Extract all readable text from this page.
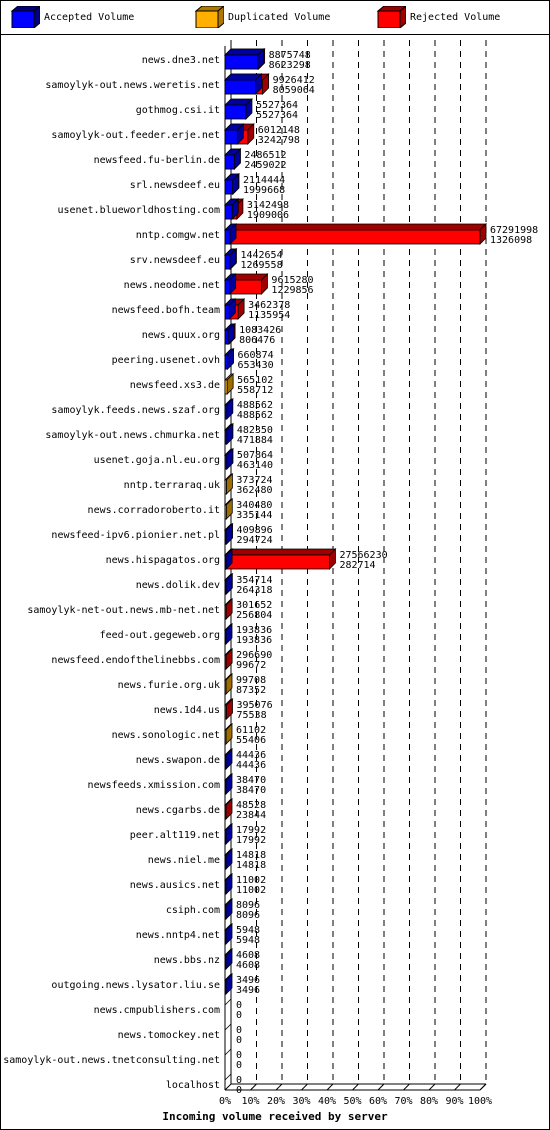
Accepted Volume	Duplicated Volume	Rejected Volume
0% 10% 20% 30% 40% 50% 60% 70% 80% 90% 100%
news.dne3.net	8875748
8623298
samoylyk-out.news.weretis.net	9926412
8059064
gothmog.csi.it	5527364
5527364
samoylyk-out.feeder.erje.net	6012148
3242798
newsfeed.fu-berlin.de 2486512
2459022
srl.newsdeef.eu 2114444
1999668
usenet.blueworldhosting.com	3142498
1909006
nntp.comgw.net	67291998
1326098
srv.newsdeef.eu 1442654
1269558
news.neodome.net	9615280
1229856
newsfeed.bofh.team	3462378
1135954
news.quux.org 1083426
806476
peering.usenet.ovh 660874
653430
newsfeed.xs3.de 565102
558712
samoylyk.feeds.news.szaf.org 488562
488562
samoylyk-out.news.chmurka.net 482350
471884
usenet.goja.nl.eu.org 507864
463140
nntp.terraraq.uk 373724
362480
news.corradoroberto.it 340480
335144
newsfeed-ipv6.pionier.net.pl 409896
294724
news.hispagatos.org	27566230
282714
news.dolik.dev 354714
264318
samoylyk-net-out.news.mb-net.net 301652
256804
feed-out.gegeweb.org 193836
193836
newsfeed.endofthelinebbs.com 296690
99672
news.furie.org.uk 99708
87352
news.1d4.us 395076
75538
news.sonologic.net 61102
55406
news.swapon.de 44436
44436
newsfeeds.xmission.com 38470
38470
news.cgarbs.de 48528
23844
peer.alt119.net 17992
17992
news.niel.me 14818
14818
news.ausics.net 11002
11002
csiph.com 8096
8096
news.nntp4.net 5948
5948
news.bbs.nz 4608
4608
outgoing.news.lysator.liu.se 3496
3496
news.cmpublishers.com 0
0
news.tomockey.net 0
0
samoylyk-out.news.tnetconsulting.net 0
0
localhost 0
0
Incoming volume received by server
